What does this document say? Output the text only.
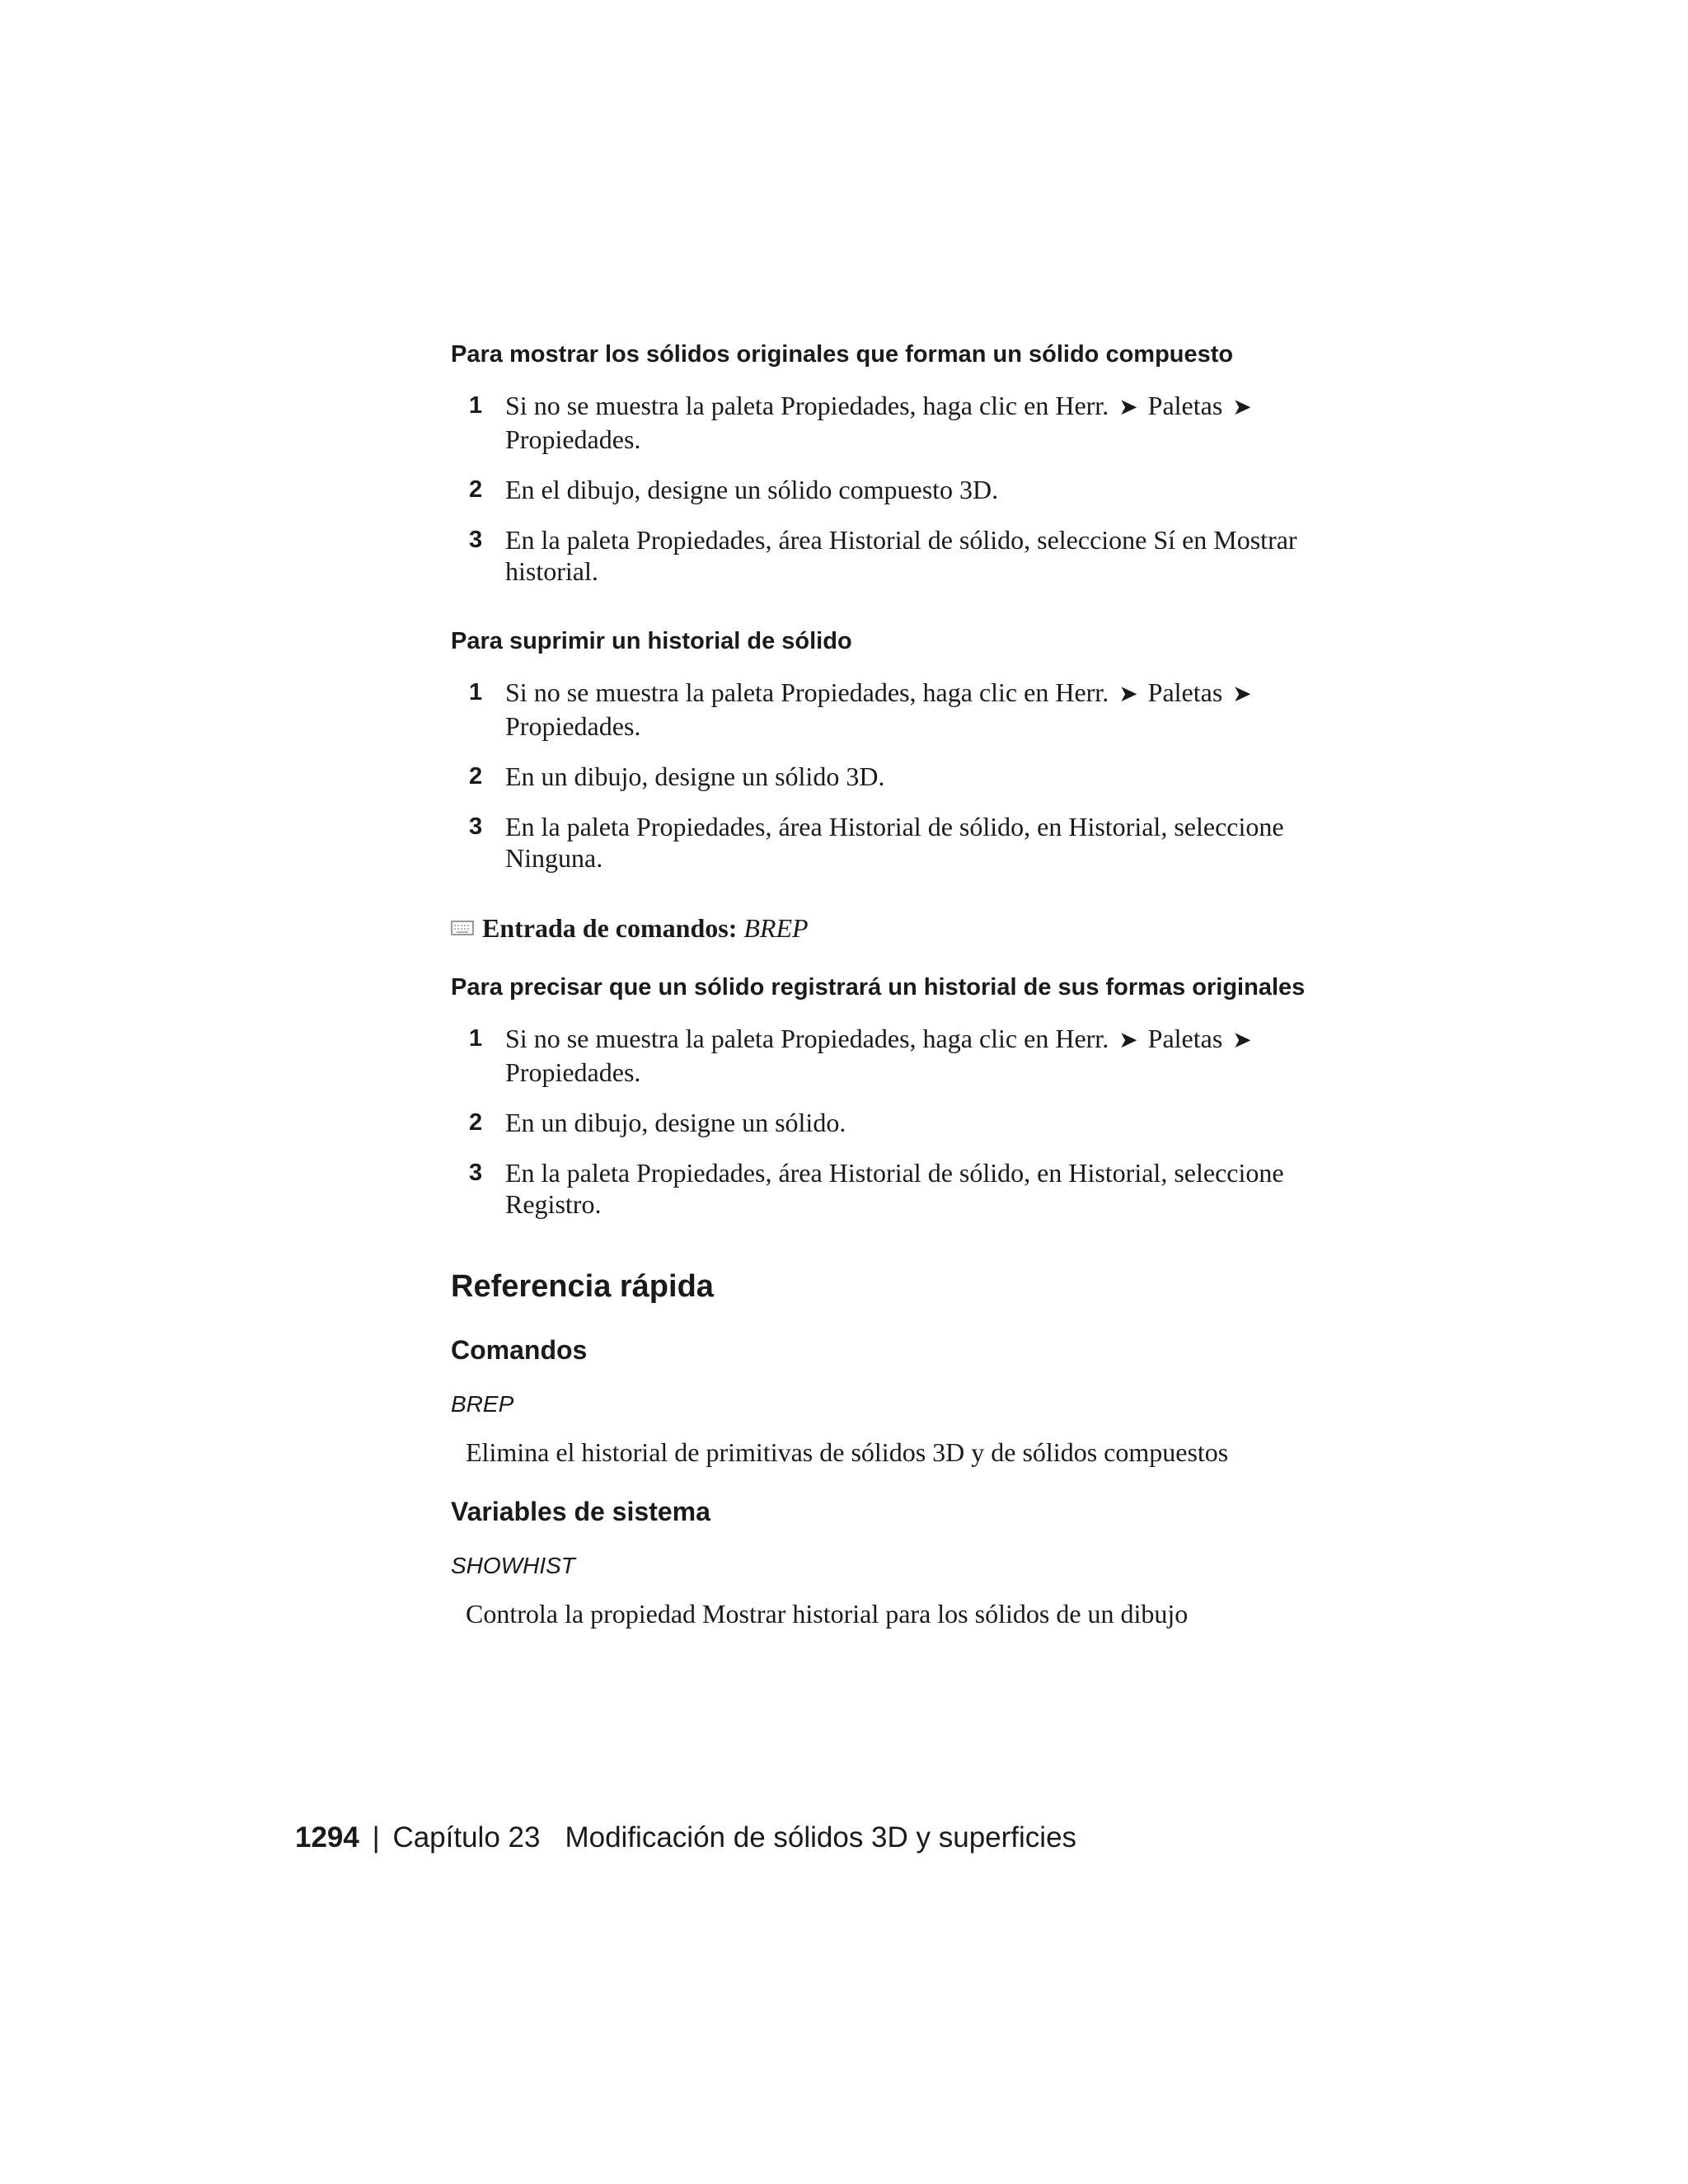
Para mostrar los sólidos originales que forman un sólido compuesto

1 Si no se muestra la paleta Propiedades, haga clic en Herr. ➤ Paletas ➤Propiedades.
2 En el dibujo, designe un sólido compuesto 3D.
3 En la paleta Propiedades, área Historial de sólido, seleccione Sí en Mostrar historial.

Para suprimir un historial de sólido

1 Si no se muestra la paleta Propiedades, haga clic en Herr. ➤ Paletas ➤Propiedades.
2 En un dibujo, designe un sólido 3D.
3 En la paleta Propiedades, área Historial de sólido, en Historial, seleccione Ninguna.
Entrada de comandos: BREP

Para precisar que un sólido registrará un historial de sus formas originales

1 Si no se muestra la paleta Propiedades, haga clic en Herr. ➤ Paletas ➤Propiedades.
2 En un dibujo, designe un sólido.
3 En la paleta Propiedades, área Historial de sólido, en Historial, seleccione Registro.

Referencia rápida

Comandos

BREP

Elimina el historial de primitivas de sólidos 3D y de sólidos compuestos

Variables de sistema

SHOWHIST

Controla la propiedad Mostrar historial para los sólidos de un dibujo

1294 | Capítulo 23 Modificación de sólidos 3D y superficies
